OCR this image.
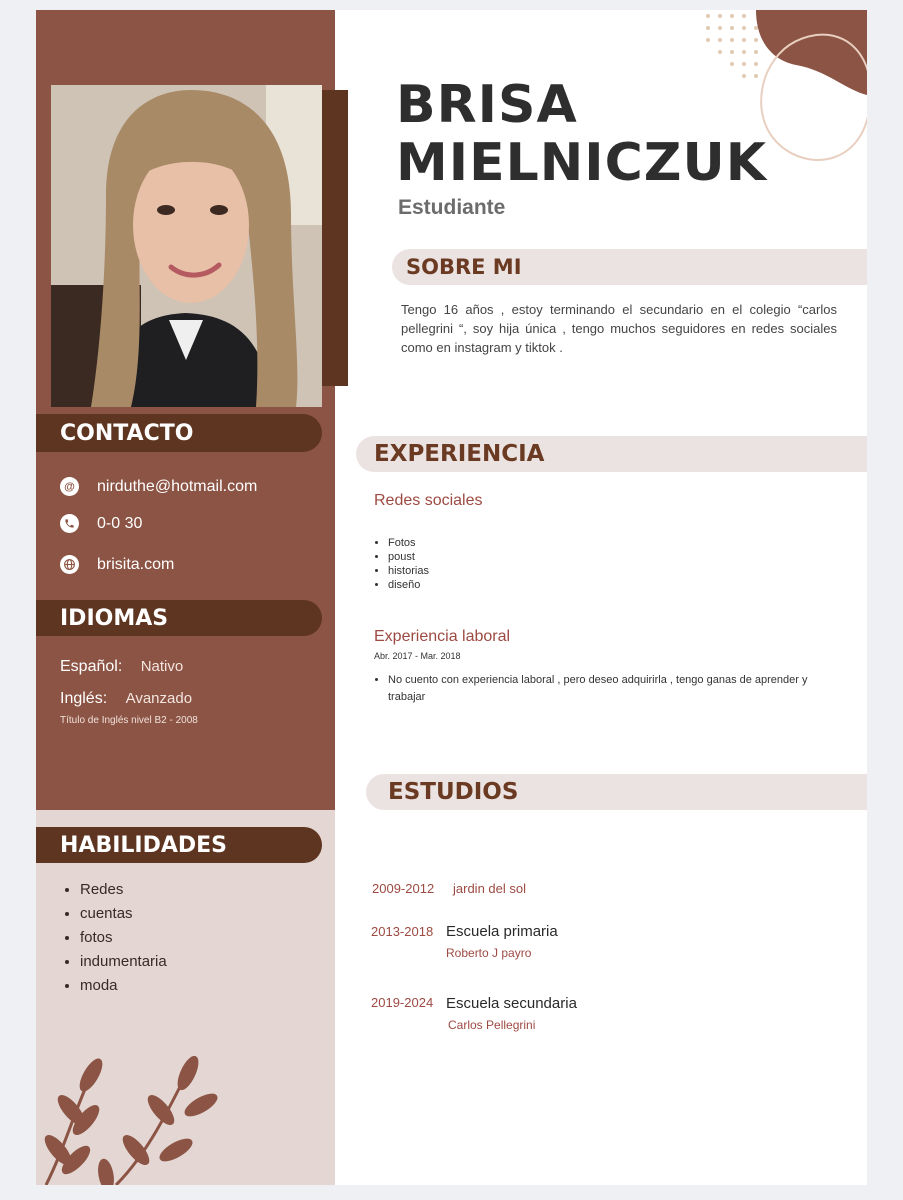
CONTACTO
@ nirduthe@hotmail.com
0-0 30
brisita.com
IDIOMAS
Español: Nativo
Inglés: Avanzado
Título de Inglés nivel B2 - 2008
HABILIDADES
• Redes
• cuentas
• fotos
• indumentaria
• moda
BRISA
MIELNICZUK
Estudiante
SOBRE MI

Tengo 16 años , estoy terminando el secundario en el colegio “carlos pellegrini “, soy hija única , tengo muchos seguidores en redes sociales como en instagram y tiktok .

EXPERIENCIA
Redes sociales
• Fotos
• poust
• historias
• diseño
Experiencia laboral
Abr. 2017 - Mar. 2018
• No cuento con experiencia laboral , pero deseo adquirirla , tengo ganas de aprender y trabajar
ESTUDIOS
2009-2012 jardin del sol
2013-2018 Escuela primaria
Roberto J payro
2019-2024 Escuela secundaria
Carlos Pellegrini
